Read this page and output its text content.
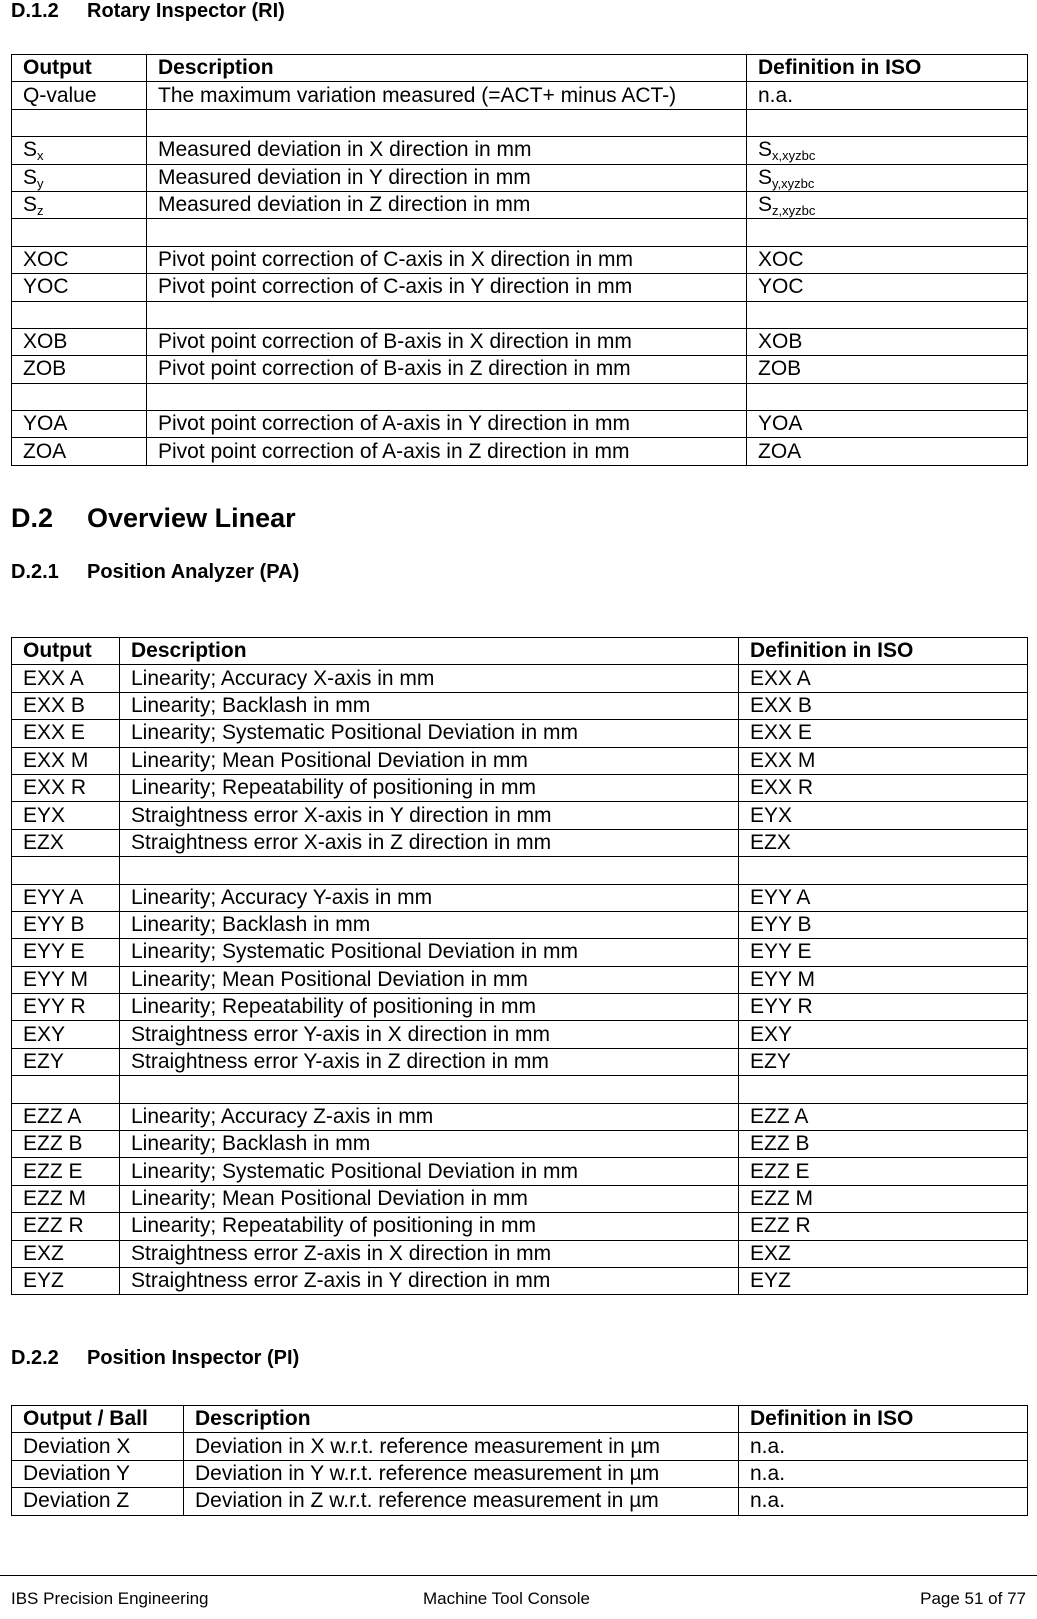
D.1.2 Rotary Inspector (RI)
Output	Description	Definition in ISO
Q-value	The maximum variation measured (=ACT+ minus ACT-)	n.a.

$S_x$	Measured deviation in X direction in mm	$S_{x,xyzbc}$
$S_y$	Measured deviation in Y direction in mm	$S_{y,xyzbc}$
$S_z$	Measured deviation in Z direction in mm	$S_{z,xyzbc}$

XOC	Pivot point correction of C-axis in X direction in mm	XOC
YOC	Pivot point correction of C-axis in Y direction in mm	YOC

XOB	Pivot point correction of B-axis in X direction in mm	XOB
ZOB	Pivot point correction of B-axis in Z direction in mm	ZOB

YOA	Pivot point correction of A-axis in Y direction in mm	YOA
ZOA	Pivot point correction of A-axis in Z direction in mm	ZOA
D.2 Overview Linear
D.2.1 Position Analyzer (PA)
Output	Description	Definition in ISO
EXX A	Linearity; Accuracy X-axis in mm	EXX A
EXX B	Linearity; Backlash in mm	EXX B
EXX E	Linearity; Systematic Positional Deviation in mm	EXX E
EXX M	Linearity; Mean Positional Deviation in mm	EXX M
EXX R	Linearity; Repeatability of positioning in mm	EXX R
EYX	Straightness error X-axis in Y direction in mm	EYX
EZX	Straightness error X-axis in Z direction in mm	EZX

EYY A	Linearity; Accuracy Y-axis in mm	EYY A
EYY B	Linearity; Backlash in mm	EYY B
EYY E	Linearity; Systematic Positional Deviation in mm	EYY E
EYY M	Linearity; Mean Positional Deviation in mm	EYY M
EYY R	Linearity; Repeatability of positioning in mm	EYY R
EXY	Straightness error Y-axis in X direction in mm	EXY
EZY	Straightness error Y-axis in Z direction in mm	EZY

EZZ A	Linearity; Accuracy Z-axis in mm	EZZ A
EZZ B	Linearity; Backlash in mm	EZZ B
EZZ E	Linearity; Systematic Positional Deviation in mm	EZZ E
EZZ M	Linearity; Mean Positional Deviation in mm	EZZ M
EZZ R	Linearity; Repeatability of positioning in mm	EZZ R
EXZ	Straightness error Z-axis in X direction in mm	EXZ
EYZ	Straightness error Z-axis in Y direction in mm	EYZ
D.2.2 Position Inspector (PI)
Output / Ball	Description	Definition in ISO
Deviation X	Deviation in X w.r.t. reference measurement in µm	n.a.
Deviation Y	Deviation in Y w.r.t. reference measurement in µm	n.a.
Deviation Z	Deviation in Z w.r.t. reference measurement in µm	n.a.
IBS Precision Engineering	Machine Tool Console	Page 51 of 77
